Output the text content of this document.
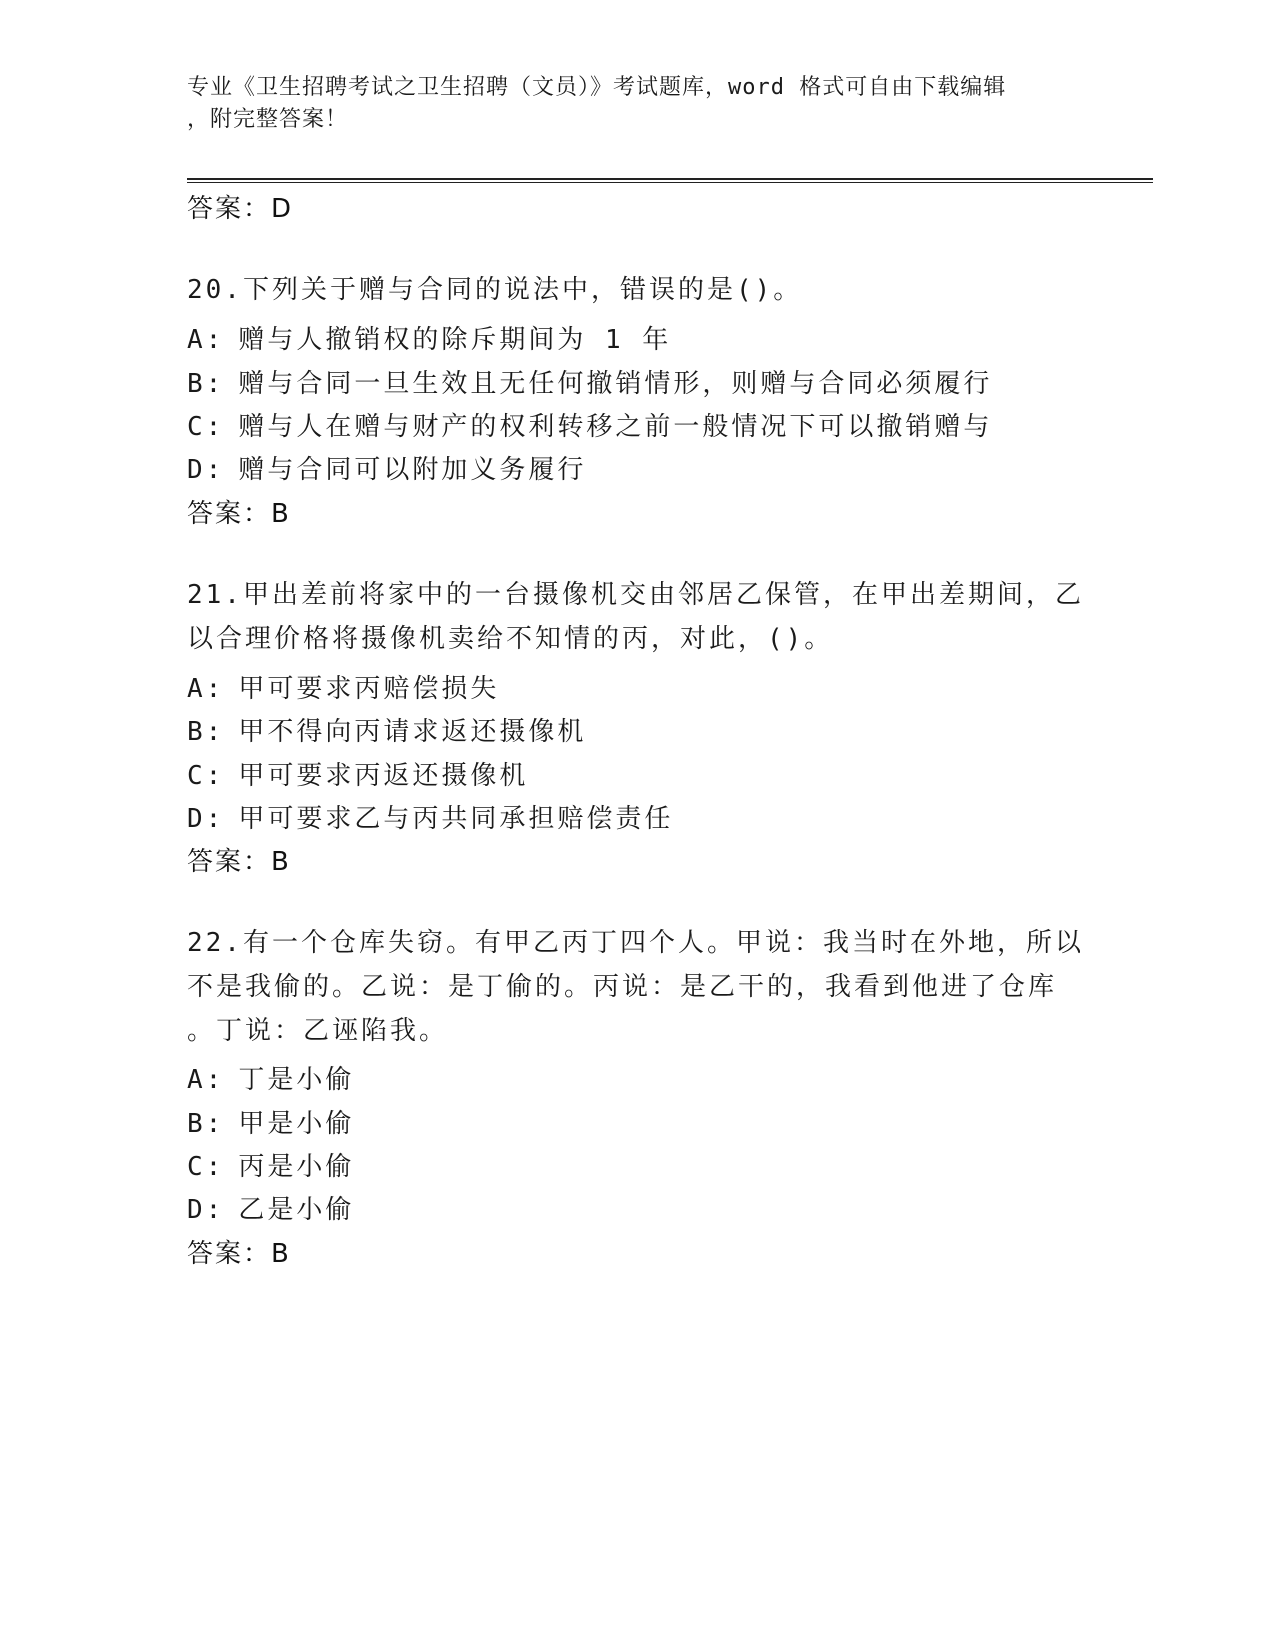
专业《卫生招聘考试之卫生招聘（文员）》考试题库，word 格式可自由下载编辑
，附完整答案！
答案：D
20.下列关于赠与合同的说法中，错误的是()。
A: 赠与人撤销权的除斥期间为 1 年
B: 赠与合同一旦生效且无任何撤销情形，则赠与合同必须履行
C: 赠与人在赠与财产的权利转移之前一般情况下可以撤销赠与
D: 赠与合同可以附加义务履行
答案：B
21.甲出差前将家中的一台摄像机交由邻居乙保管，在甲出差期间，乙
以合理价格将摄像机卖给不知情的丙，对此，()。
A: 甲可要求丙赔偿损失
B: 甲不得向丙请求返还摄像机
C: 甲可要求丙返还摄像机
D: 甲可要求乙与丙共同承担赔偿责任
答案：B
22.有一个仓库失窃。有甲乙丙丁四个人。甲说：我当时在外地，所以
不是我偷的。乙说：是丁偷的。丙说：是乙干的，我看到他进了仓库
。丁说：乙诬陷我。
A: 丁是小偷
B: 甲是小偷
C: 丙是小偷
D: 乙是小偷
答案：B
